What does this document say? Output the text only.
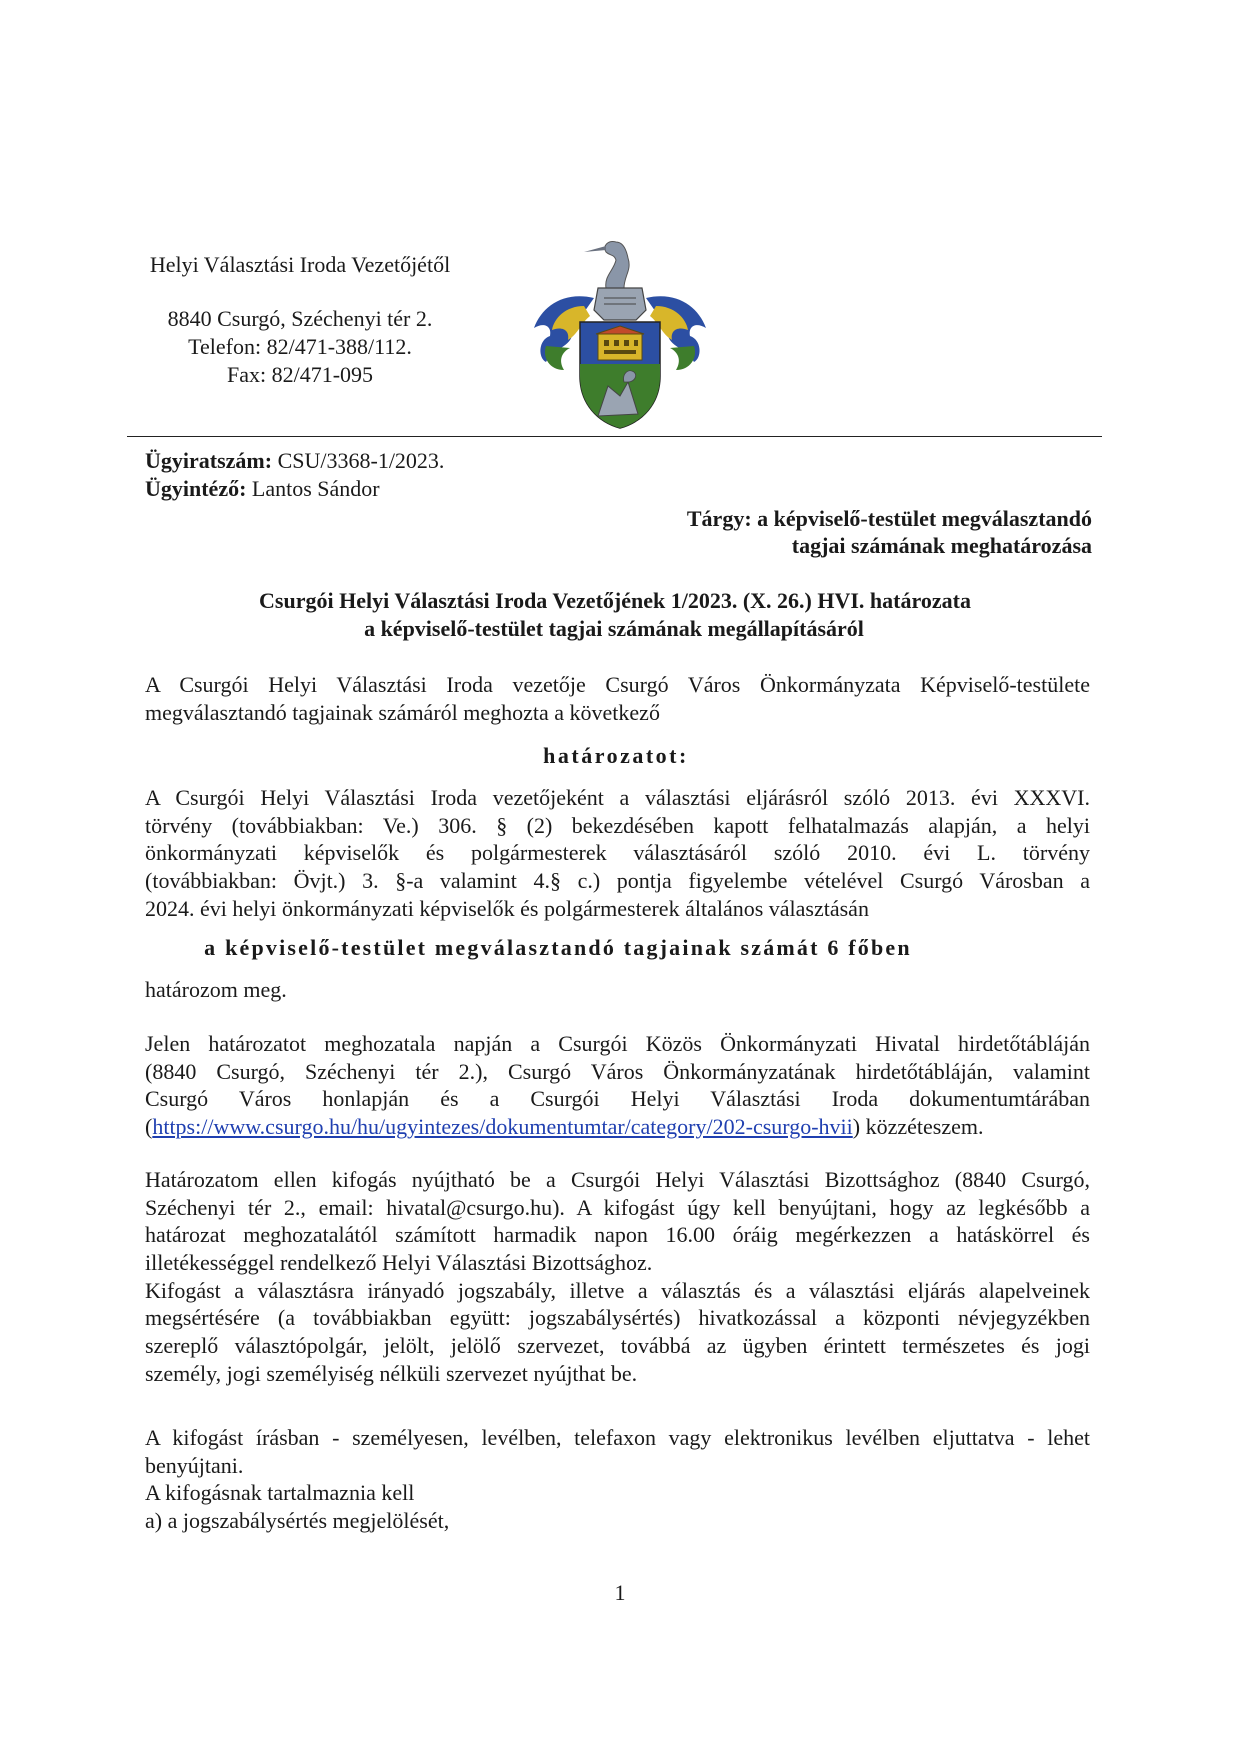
Helyi Választási Iroda Vezetőjétől
8840 Csurgó, Széchenyi tér 2.
Telefon: 82/471-388/112.
Fax: 82/471-095
Ügyiratszám: CSU/3368-1/2023.
Ügyintéző: Lantos Sándor
Tárgy: a képviselő-testület megválasztandó
tagjai számának meghatározása
Csurgói Helyi Választási Iroda Vezetőjének 1/2023. (X. 26.) HVI. határozata
a képviselő-testület tagjai számának megállapításáról
A Csurgói Helyi Választási Iroda vezetője Csurgó Város Önkormányzata Képviselő-testülete
megválasztandó tagjainak számáról meghozta a következő
határozatot:
A Csurgói Helyi Választási Iroda vezetőjeként a választási eljárásról szóló 2013. évi XXXVI.
törvény (továbbiakban: Ve.) 306. § (2) bekezdésében kapott felhatalmazás alapján, a helyi
önkormányzati képviselők és polgármesterek választásáról szóló 2010. évi L. törvény
(továbbiakban: Övjt.) 3. §-a valamint 4.§ c.) pontja figyelembe vételével Csurgó Városban a
2024. évi helyi önkormányzati képviselők és polgármesterek általános választásán
a képviselő-testület megválasztandó tagjainak számát 6 főben
határozom meg.
Jelen határozatot meghozatala napján a Csurgói Közös Önkormányzati Hivatal hirdetőtábláján
(8840 Csurgó, Széchenyi tér 2.), Csurgó Város Önkormányzatának hirdetőtábláján, valamint
Csurgó Város honlapján és a Csurgói Helyi Választási Iroda dokumentumtárában
(https://www.csurgo.hu/hu/ugyintezes/dokumentumtar/category/202-csurgo-hvii) közzéteszem.
Határozatom ellen kifogás nyújtható be a Csurgói Helyi Választási Bizottsághoz (8840 Csurgó,
Széchenyi tér 2., email: hivatal@csurgo.hu). A kifogást úgy kell benyújtani, hogy az legkésőbb a
határozat meghozatalától számított harmadik napon 16.00 óráig megérkezzen a hatáskörrel és
illetékességgel rendelkező Helyi Választási Bizottsághoz.
Kifogást a választásra irányadó jogszabály, illetve a választás és a választási eljárás alapelveinek
megsértésére (a továbbiakban együtt: jogszabálysértés) hivatkozással a központi névjegyzékben
szereplő választópolgár, jelölt, jelölő szervezet, továbbá az ügyben érintett természetes és jogi
személy, jogi személyiség nélküli szervezet nyújthat be.
A kifogást írásban - személyesen, levélben, telefaxon vagy elektronikus levélben eljuttatva - lehet
benyújtani.
A kifogásnak tartalmaznia kell
a) a jogszabálysértés megjelölését,
1
